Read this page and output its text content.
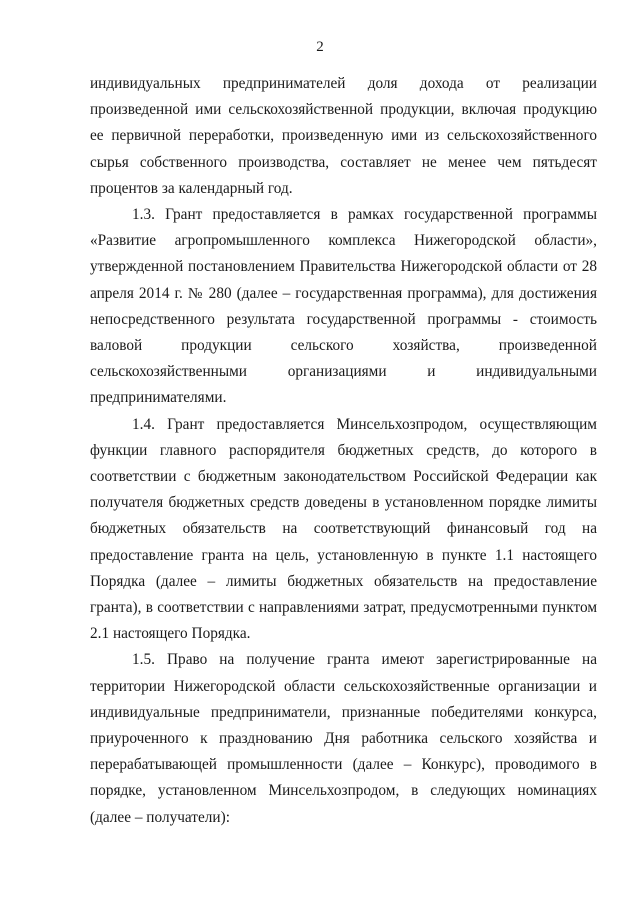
2

индивидуальных предпринимателей доля дохода от реализации произведенной ими сельскохозяйственной продукции, включая продукцию ее первичной переработки, произведенную ими из сельскохозяйственного сырья собственного производства, составляет не менее чем пятьдесят процентов за календарный год.

1.3. Грант предоставляется в рамках государственной программы «Развитие агропромышленного комплекса Нижегородской области», утвержденной постановлением Правительства Нижегородской области от 28 апреля 2014 г. № 280 (далее – государственная программа), для достижения непосредственного результата государственной программы - стоимость валовой продукции сельского хозяйства, произведенной сельскохозяйственными организациями и индивидуальными предпринимателями.

1.4. Грант предоставляется Минсельхозпродом, осуществляющим функции главного распорядителя бюджетных средств, до которого в соответствии с бюджетным законодательством Российской Федерации как получателя бюджетных средств доведены в установленном порядке лимиты бюджетных обязательств на соответствующий финансовый год на предоставление гранта на цель, установленную в пункте 1.1 настоящего Порядка (далее – лимиты бюджетных обязательств на предоставление гранта), в соответствии с направлениями затрат, предусмотренными пунктом 2.1 настоящего Порядка.

1.5. Право на получение гранта имеют зарегистрированные на территории Нижегородской области сельскохозяйственные организации и индивидуальные предприниматели, признанные победителями конкурса, приуроченного к празднованию Дня работника сельского хозяйства и перерабатывающей промышленности (далее – Конкурс), проводимого в порядке, установленном Минсельхозпродом, в следующих номинациях (далее – получатели):
